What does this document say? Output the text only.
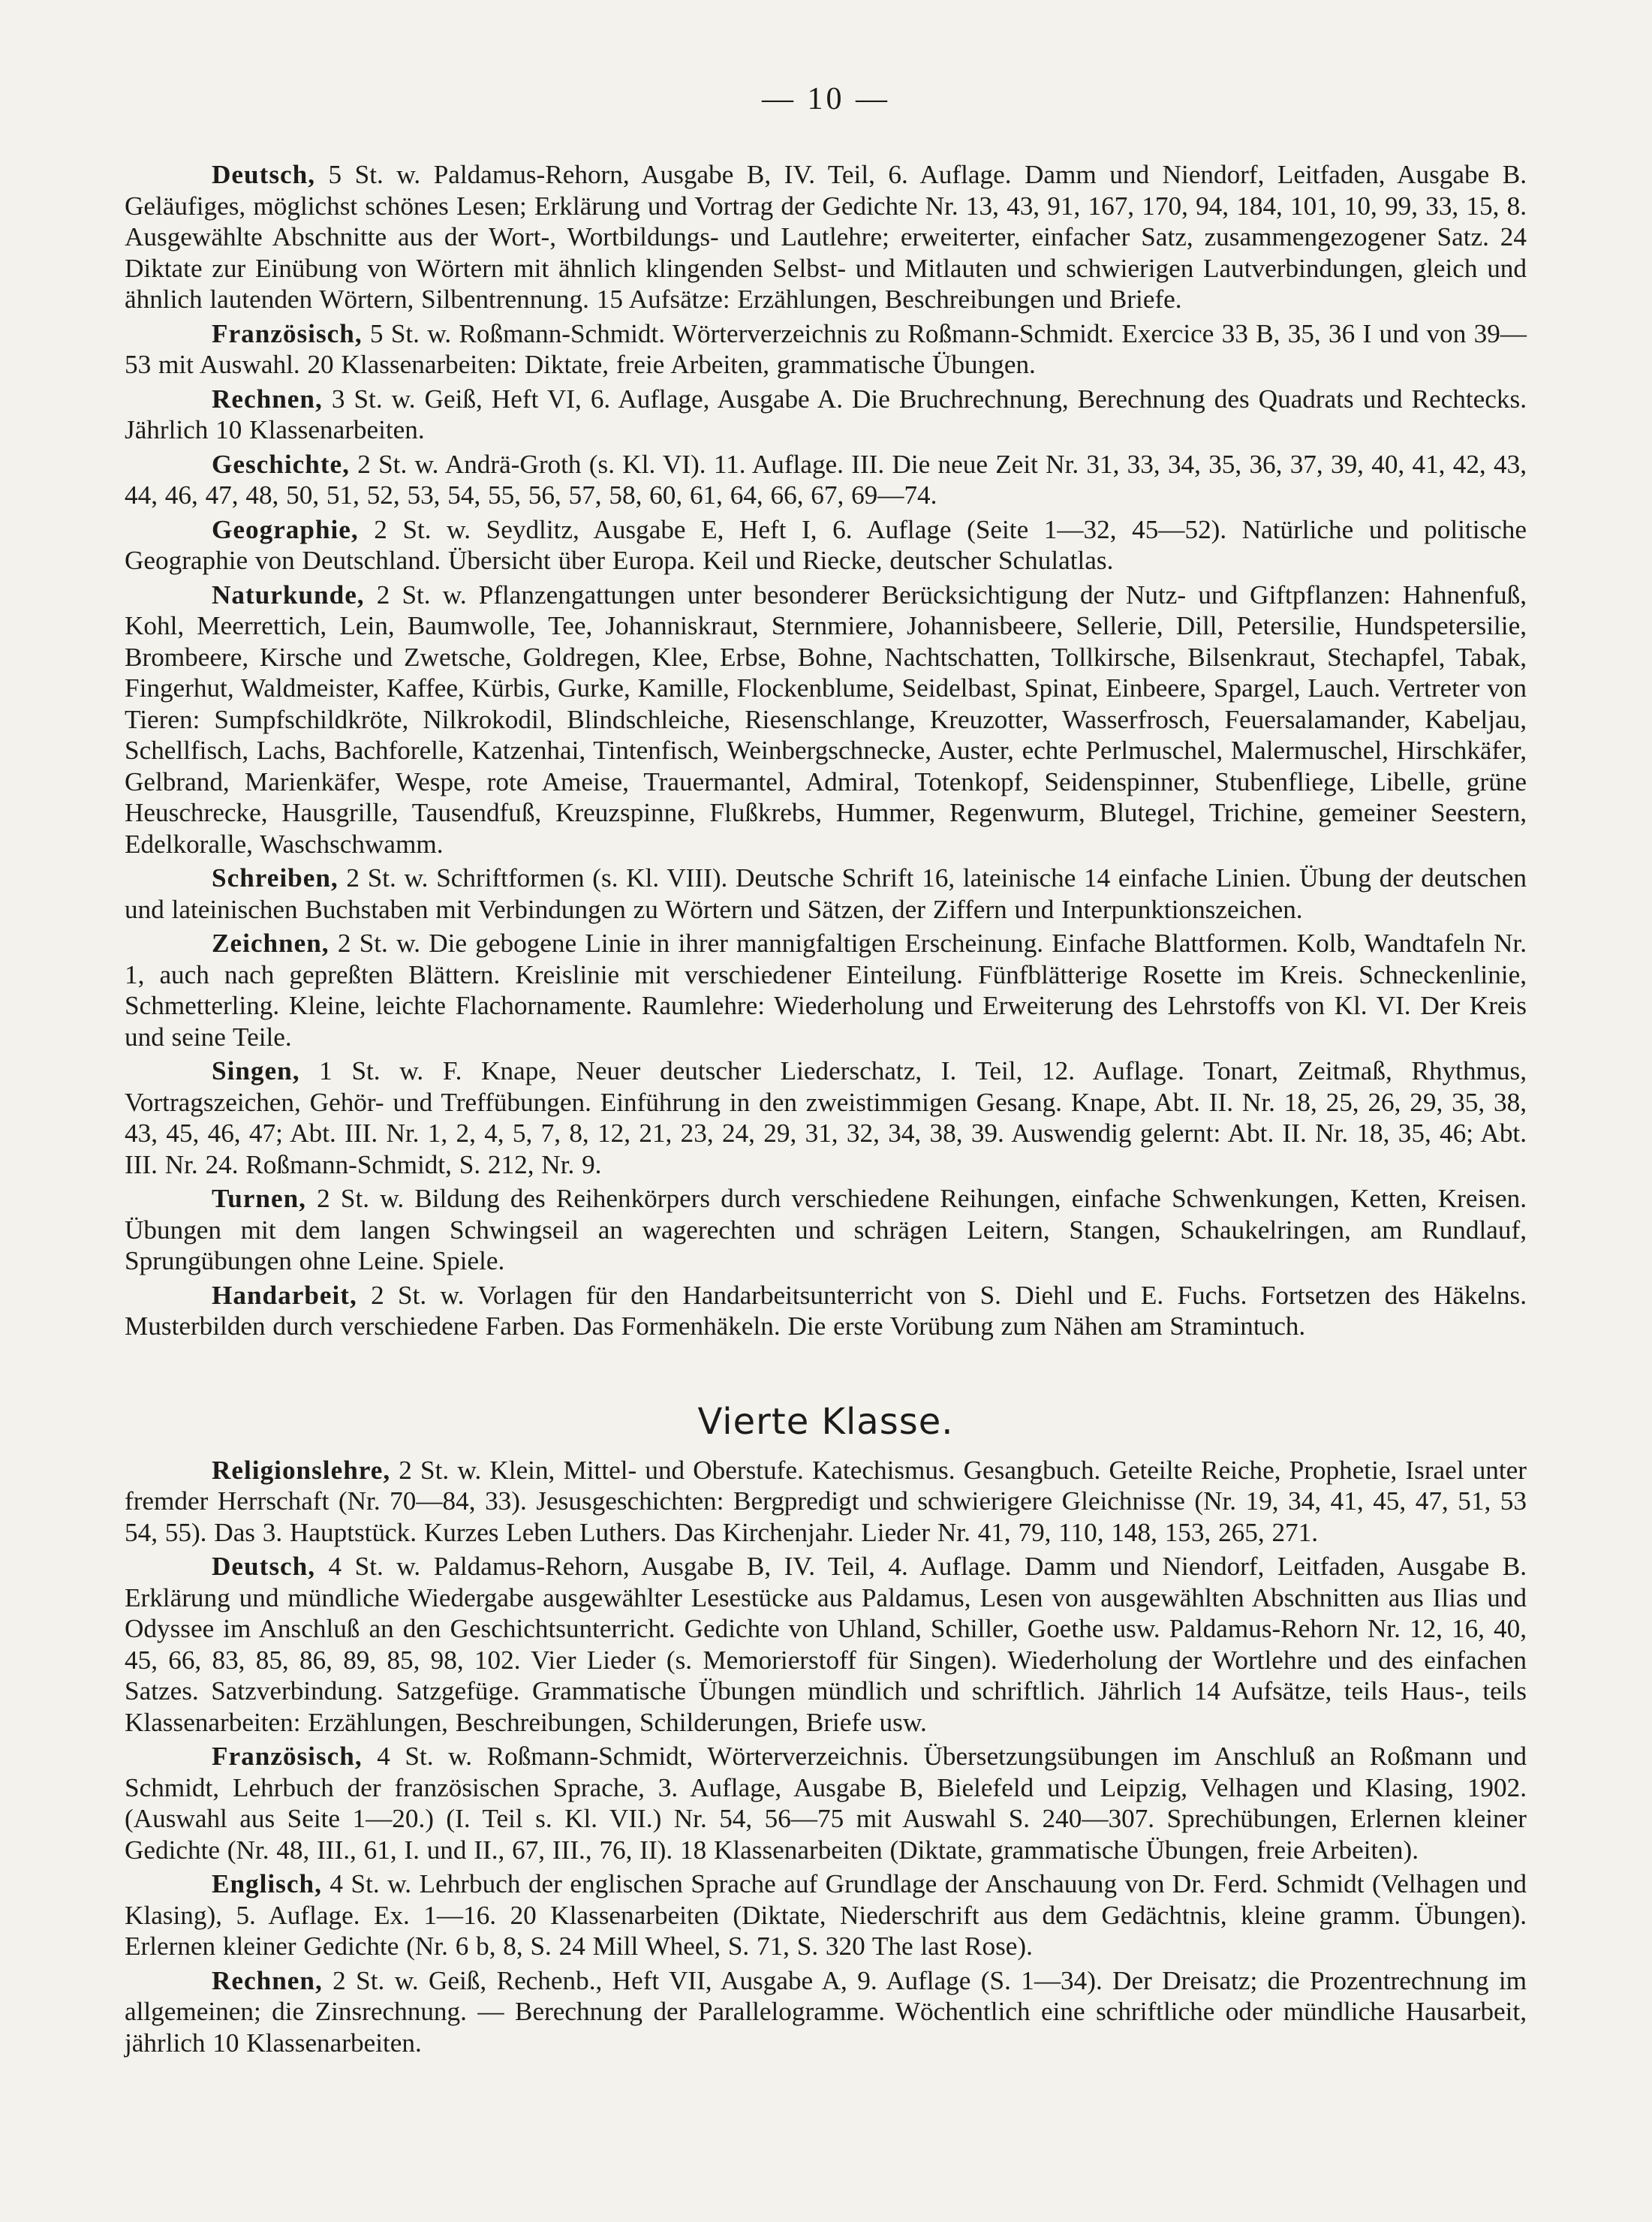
— 10 —

Deutsch, 5 St. w. Paldamus-Rehorn, Ausgabe B, IV. Teil, 6. Auflage. Damm und Niendorf, Leitfaden, Ausgabe B. Geläufiges, möglichst schönes Lesen; Erklärung und Vortrag der Gedichte Nr. 13, 43, 91, 167, 170, 94, 184, 101, 10, 99, 33, 15, 8. Ausgewählte Abschnitte aus der Wort-, Wortbildungs- und Lautlehre; erweiterter, einfacher Satz, zusammengezogener Satz. 24 Diktate zur Einübung von Wörtern mit ähnlich klingenden Selbst- und Mitlauten und schwierigen Lautverbindungen, gleich und ähnlich lautenden Wörtern, Silbentrennung. 15 Aufsätze: Erzählungen, Beschreibungen und Briefe.

Französisch, 5 St. w. Roßmann-Schmidt. Wörterverzeichnis zu Roßmann-Schmidt. Exercice 33 B, 35, 36 I und von 39—53 mit Auswahl. 20 Klassenarbeiten: Diktate, freie Arbeiten, grammatische Übungen.

Rechnen, 3 St. w. Geiß, Heft VI, 6. Auflage, Ausgabe A. Die Bruchrechnung, Berechnung des Quadrats und Rechtecks. Jährlich 10 Klassenarbeiten.

Geschichte, 2 St. w. Andrä-Groth (s. Kl. VI). 11. Auflage. III. Die neue Zeit Nr. 31, 33, 34, 35, 36, 37, 39, 40, 41, 42, 43, 44, 46, 47, 48, 50, 51, 52, 53, 54, 55, 56, 57, 58, 60, 61, 64, 66, 67, 69—74.

Geographie, 2 St. w. Seydlitz, Ausgabe E, Heft I, 6. Auflage (Seite 1—32, 45—52). Natürliche und politische Geographie von Deutschland. Übersicht über Europa. Keil und Riecke, deutscher Schulatlas.

Naturkunde, 2 St. w. Pflanzengattungen unter besonderer Berücksichtigung der Nutz- und Giftpflanzen: Hahnenfuß, Kohl, Meerrettich, Lein, Baumwolle, Tee, Johanniskraut, Sternmiere, Johannisbeere, Sellerie, Dill, Petersilie, Hundspetersilie, Brombeere, Kirsche und Zwetsche, Goldregen, Klee, Erbse, Bohne, Nachtschatten, Tollkirsche, Bilsenkraut, Stechapfel, Tabak, Fingerhut, Waldmeister, Kaffee, Kürbis, Gurke, Kamille, Flockenblume, Seidelbast, Spinat, Einbeere, Spargel, Lauch. Vertreter von Tieren: Sumpfschildkröte, Nilkrokodil, Blindschleiche, Riesenschlange, Kreuzotter, Wasserfrosch, Feuersalamander, Kabeljau, Schellfisch, Lachs, Bachforelle, Katzenhai, Tintenfisch, Weinbergschnecke, Auster, echte Perlmuschel, Malermuschel, Hirschkäfer, Gelbrand, Marienkäfer, Wespe, rote Ameise, Trauermantel, Admiral, Totenkopf, Seidenspinner, Stubenfliege, Libelle, grüne Heuschrecke, Hausgrille, Tausendfuß, Kreuzspinne, Flußkrebs, Hummer, Regenwurm, Blutegel, Trichine, gemeiner Seestern, Edelkoralle, Waschschwamm.

Schreiben, 2 St. w. Schriftformen (s. Kl. VIII). Deutsche Schrift 16, lateinische 14 einfache Linien. Übung der deutschen und lateinischen Buchstaben mit Verbindungen zu Wörtern und Sätzen, der Ziffern und Interpunktionszeichen.

Zeichnen, 2 St. w. Die gebogene Linie in ihrer mannigfaltigen Erscheinung. Einfache Blattformen. Kolb, Wandtafeln Nr. 1, auch nach gepreßten Blättern. Kreislinie mit verschiedener Einteilung. Fünfblätterige Rosette im Kreis. Schneckenlinie, Schmetterling. Kleine, leichte Flachornamente. Raumlehre: Wiederholung und Erweiterung des Lehrstoffs von Kl. VI. Der Kreis und seine Teile.

Singen, 1 St. w. F. Knape, Neuer deutscher Liederschatz, I. Teil, 12. Auflage. Tonart, Zeitmaß, Rhythmus, Vortragszeichen, Gehör- und Treffübungen. Einführung in den zweistimmigen Gesang. Knape, Abt. II. Nr. 18, 25, 26, 29, 35, 38, 43, 45, 46, 47; Abt. III. Nr. 1, 2, 4, 5, 7, 8, 12, 21, 23, 24, 29, 31, 32, 34, 38, 39. Auswendig gelernt: Abt. II. Nr. 18, 35, 46; Abt. III. Nr. 24. Roßmann-Schmidt, S. 212, Nr. 9.

Turnen, 2 St. w. Bildung des Reihenkörpers durch verschiedene Reihungen, einfache Schwenkungen, Ketten, Kreisen. Übungen mit dem langen Schwingseil an wagerechten und schrägen Leitern, Stangen, Schaukelringen, am Rundlauf, Sprungübungen ohne Leine. Spiele.

Handarbeit, 2 St. w. Vorlagen für den Handarbeitsunterricht von S. Diehl und E. Fuchs. Fortsetzen des Häkelns. Musterbilden durch verschiedene Farben. Das Formenhäkeln. Die erste Vorübung zum Nähen am Stramintuch.

Vierte Klasse.

Religionslehre, 2 St. w. Klein, Mittel- und Oberstufe. Katechismus. Gesangbuch. Geteilte Reiche, Prophetie, Israel unter fremder Herrschaft (Nr. 70—84, 33). Jesusgeschichten: Bergpredigt und schwierigere Gleichnisse (Nr. 19, 34, 41, 45, 47, 51, 53 54, 55). Das 3. Hauptstück. Kurzes Leben Luthers. Das Kirchenjahr. Lieder Nr. 41, 79, 110, 148, 153, 265, 271.

Deutsch, 4 St. w. Paldamus-Rehorn, Ausgabe B, IV. Teil, 4. Auflage. Damm und Niendorf, Leitfaden, Ausgabe B. Erklärung und mündliche Wiedergabe ausgewählter Lesestücke aus Paldamus, Lesen von ausgewählten Abschnitten aus Ilias und Odyssee im Anschluß an den Geschichtsunterricht. Gedichte von Uhland, Schiller, Goethe usw. Paldamus-Rehorn Nr. 12, 16, 40, 45, 66, 83, 85, 86, 89, 85, 98, 102. Vier Lieder (s. Memorierstoff für Singen). Wiederholung der Wortlehre und des einfachen Satzes. Satzverbindung. Satzgefüge. Grammatische Übungen mündlich und schriftlich. Jährlich 14 Aufsätze, teils Haus-, teils Klassenarbeiten: Erzählungen, Beschreibungen, Schilderungen, Briefe usw.

Französisch, 4 St. w. Roßmann-Schmidt, Wörterverzeichnis. Übersetzungsübungen im Anschluß an Roßmann und Schmidt, Lehrbuch der französischen Sprache, 3. Auflage, Ausgabe B, Bielefeld und Leipzig, Velhagen und Klasing, 1902. (Auswahl aus Seite 1—20.) (I. Teil s. Kl. VII.) Nr. 54, 56—75 mit Auswahl S. 240—307. Sprechübungen, Erlernen kleiner Gedichte (Nr. 48, III., 61, I. und II., 67, III., 76, II). 18 Klassenarbeiten (Diktate, grammatische Übungen, freie Arbeiten).

Englisch, 4 St. w. Lehrbuch der englischen Sprache auf Grundlage der Anschauung von Dr. Ferd. Schmidt (Velhagen und Klasing), 5. Auflage. Ex. 1—16. 20 Klassenarbeiten (Diktate, Niederschrift aus dem Gedächtnis, kleine gramm. Übungen). Erlernen kleiner Gedichte (Nr. 6 b, 8, S. 24 Mill Wheel, S. 71, S. 320 The last Rose).

Rechnen, 2 St. w. Geiß, Rechenb., Heft VII, Ausgabe A, 9. Auflage (S. 1—34). Der Dreisatz; die Prozentrechnung im allgemeinen; die Zinsrechnung. — Berechnung der Parallelogramme. Wöchentlich eine schriftliche oder mündliche Hausarbeit, jährlich 10 Klassenarbeiten.
